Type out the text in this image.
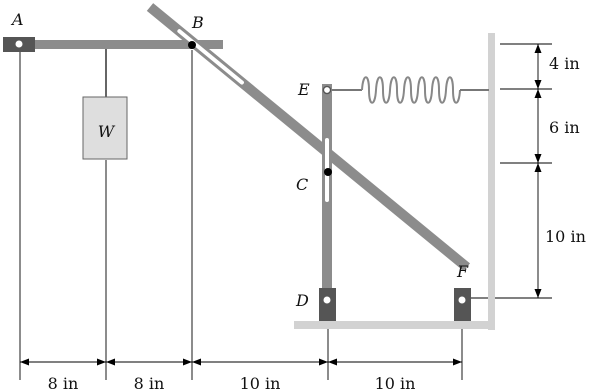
W
8 in	8 in	10 in	10 in
4 in
6 in
10 in
A	B
C
D
E
F
